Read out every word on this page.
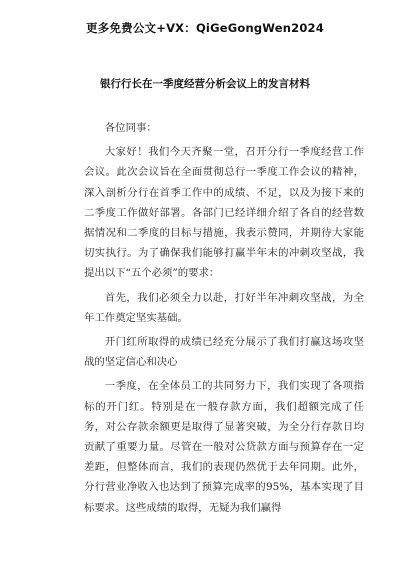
更多免费公文+VX：QiGeGongWen2024
银行行长在一季度经营分析会议上的发言材料

各位同事：

大家好！我们今天齐聚一堂，召开分行一季度经营工作会议。此次会议旨在全面贯彻总行一季度工作会议的精神，深入剖析分行在首季工作中的成绩、不足，以及为接下来的二季度工作做好部署。各部门已经详细介绍了各自的经营数据情况和二季度的目标与措施，我表示赞同，并期待大家能切实执行。为了确保我们能够打赢半年末的冲刺攻坚战，我提出以下“五个必须”的要求：

首先，我们必须全力以赴，打好半年冲刺攻坚战，为全年工作奠定坚实基础。

开门红所取得的成绩已经充分展示了我们打赢这场攻坚战的坚定信心和决心

一季度，在全体员工的共同努力下，我们实现了各项指标的开门红。特别是在一般存款方面，我们超额完成了任务，对公存款余额更是取得了显著突破，为全分行存款日均贡献了重要力量。尽管在一般对公贷款方面与预算存在一定差距，但整体而言，我们的表现仍然优于去年同期。此外，分行营业净收入也达到了预算完成率的95%，基本实现了目标要求。这些成绩的取得，无疑为我们赢得
